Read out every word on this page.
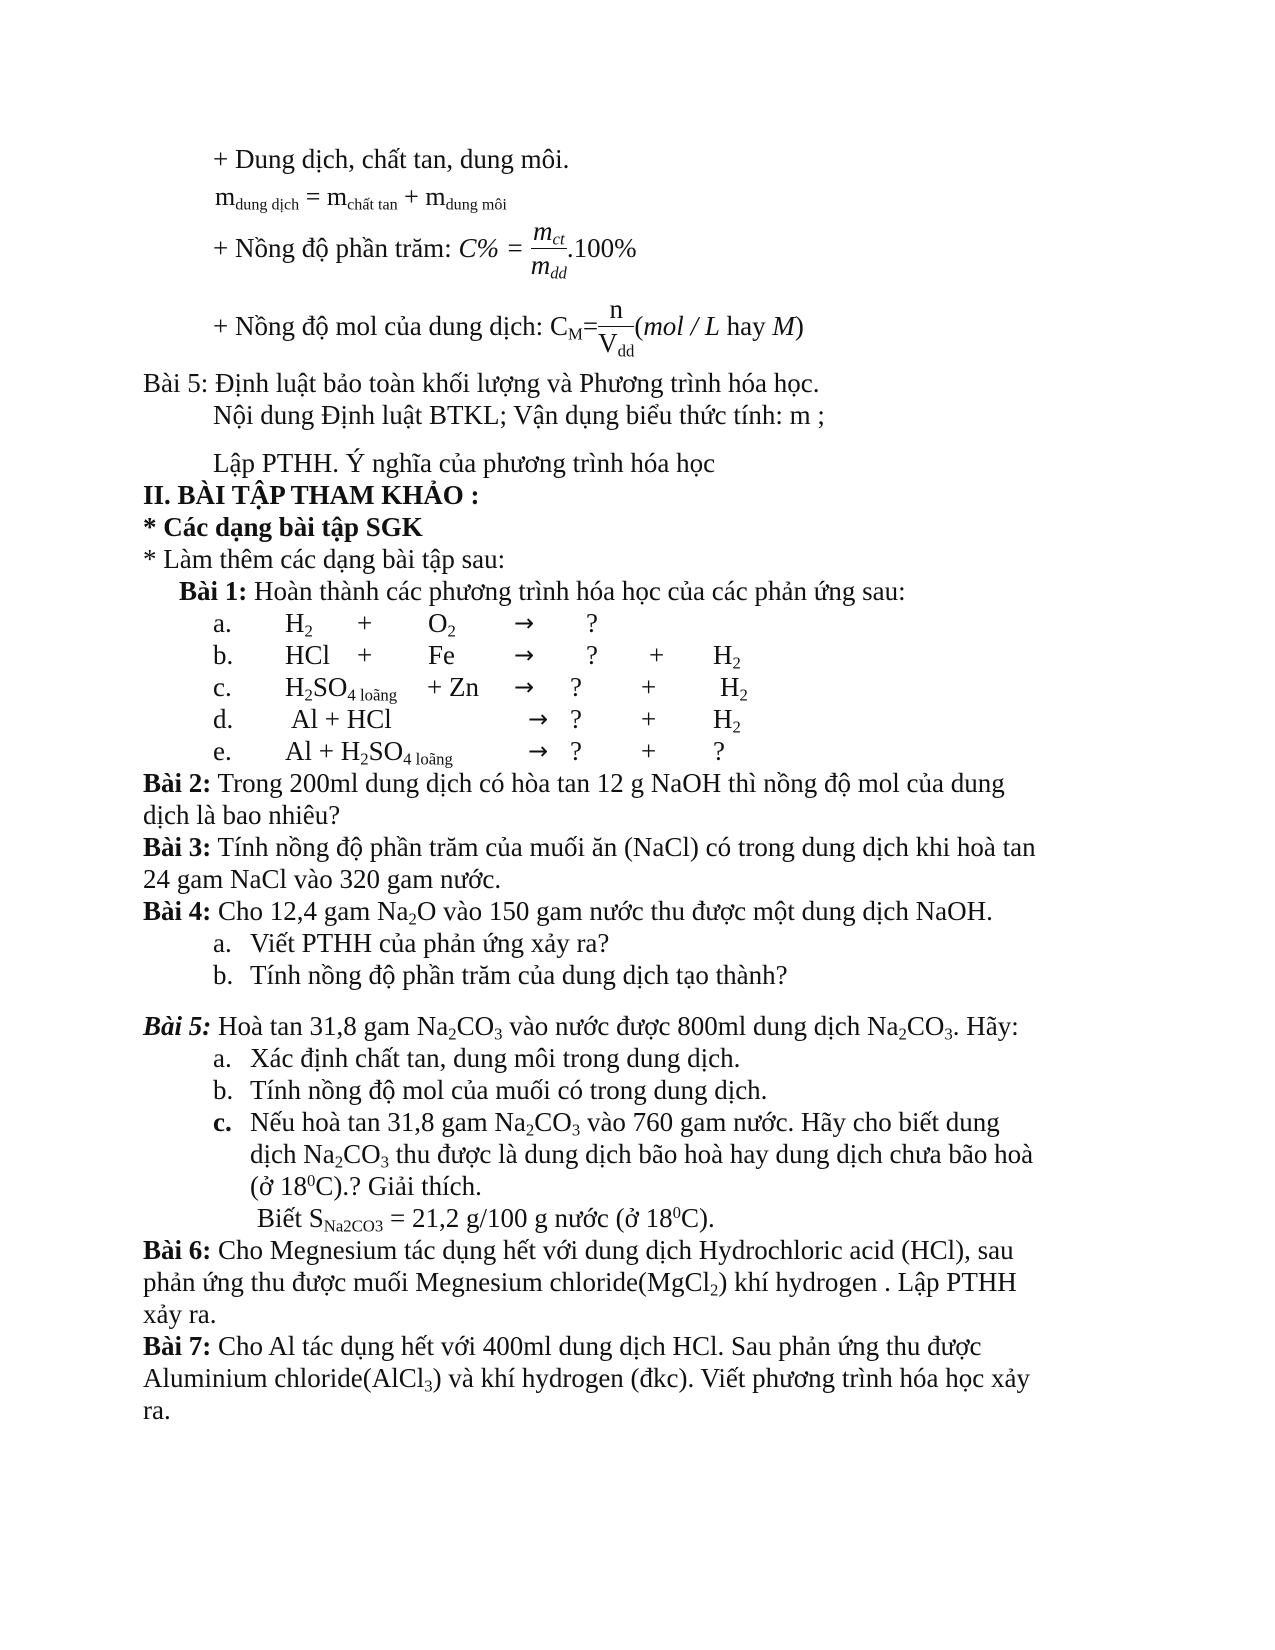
+ Dung dịch, chất tan, dung môi.
$m_{dung dịch} = m_{chất tan} + m_{dung môi}$
+ Nồng độ phần trăm: $C\% = \frac{m_{ct}}{m_{dd}} .100\%$
+ Nồng độ mol của dung dịch: $C_M= \frac{n}{V_{dd}} (mol / L$ hay M)
Bài 5: Định luật bảo toàn khối lượng và Phương trình hóa học.
Nội dung Định luật BTKL; Vận dụng biểu thức tính: m ;
Lập PTHH. Ý nghĩa của phương trình hóa học
II. BÀI TẬP THAM KHẢO :
* Các dạng bài tập SGK
* Làm thêm các dạng bài tập sau:
Bài 1: Hoàn thành các phương trình hóa học của các phản ứng sau:
a. $H_2 + O_2$ → ?
b. HCl + Fe → ? + $H_2$
c. $H_2SO_{4 loãng} + Zn$ → ? + $H_2$
d. Al + HCl	→ ? + $H_2$
e. $Al + H_2SO_{4 loãng}$	→ ? + ?
Bài 2: Trong 200ml dung dịch có hòa tan 12 g NaOH thì nồng độ mol của dung
dịch là bao nhiêu?
Bài 3: Tính nồng độ phần trăm của muối ăn (NaCl) có trong dung dịch khi hoà tan
24 gam NaCl vào 320 gam nước.
Bài 4: Cho 12,4 gam $Na_2O$ vào 150 gam nước thu được một dung dịch NaOH.
a. Viết PTHH của phản ứng xảy ra?
b. Tính nồng độ phần trăm của dung dịch tạo thành?
Bài 5: Hoà tan 31,8 gam $Na_2CO_3$ vào nước được 800ml dung dịch $Na_2CO_3$. Hãy:
a. Xác định chất tan, dung môi trong dung dịch.
b. Tính nồng độ mol của muối có trong dung dịch.
c. Nếu hoà tan 31,8 gam $Na_2CO_3$ vào 760 gam nước. Hãy cho biết dung
dịch $Na_2CO_3$ thu được là dung dịch bão hoà hay dung dịch chưa bão hoà
(ở $18^0C$).? Giải thích.
Biết $S_{Na2CO3} = 21,2$ g/100 g nước (ở $18^0C$).
Bài 6: Cho Megnesium tác dụng hết với dung dịch Hydrochloric acid (HCl), sau
phản ứng thu được muối Megnesium chloride(MgCl$_2$) khí hydrogen . Lập PTHH
xảy ra.
Bài 7: Cho Al tác dụng hết với 400ml dung dịch HCl. Sau phản ứng thu được
Aluminium chloride(AlCl$_3$) và khí hydrogen (đkc). Viết phương trình hóa học xảy
ra.
